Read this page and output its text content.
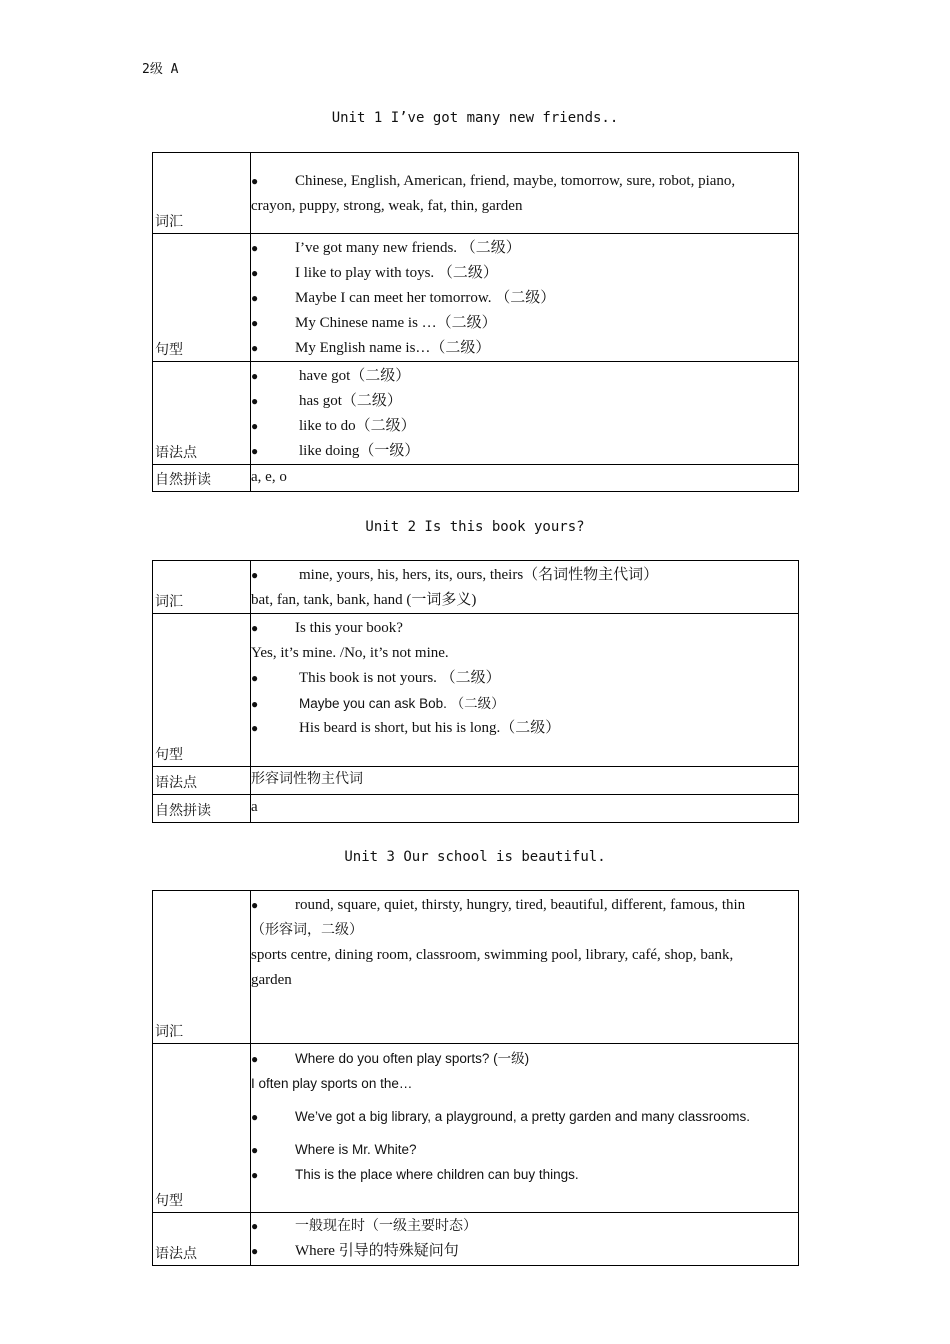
2级 A
Unit 1 I’ve got many new friends..
词汇	● Chinese, English, American, friend, maybe, tomorrow, sure, robot, piano,
crayon, puppy, strong, weak, fat, thin, garden

句型	● I’ve got many new friends. （二级）
● I like to play with toys. （二级）
● Maybe I can meet her tomorrow. （二级）
● My Chinese name is …（二级）
● My English name is…（二级）

语法点	● have got（二级）
● has got（二级）
● like to do（二级）
● like doing（一级）

自然拼读	a, e, o
Unit 2 Is this book yours?
词汇	● mine, yours, his, hers, its, ours, theirs（名词性物主代词）
bat, fan, tank, bank, hand (一词多义)

句型	● Is this your book?
Yes, it’s mine. /No, it’s not mine.
● This book is not yours. （二级）
● Maybe you can ask Bob. （二级）
● His beard is short, but his is long.（二级）

语法点	形容词性物主代词

自然拼读	a
Unit 3 Our school is beautiful.
词汇	● round, square, quiet, thirsty, hungry, tired, beautiful, different, famous, thin
（形容词，二级）
sports centre, dining room, classroom, swimming pool, library, café, shop, bank,
garden

句型	● Where do you often play sports? (一级)
I often play sports on the…
● We’ve got a big library, a playground, a pretty garden and many classrooms.
● Where is Mr. White?
● This is the place where children can buy things.

语法点	● 一般现在时（一级主要时态）
● Where 引导的特殊疑问句
